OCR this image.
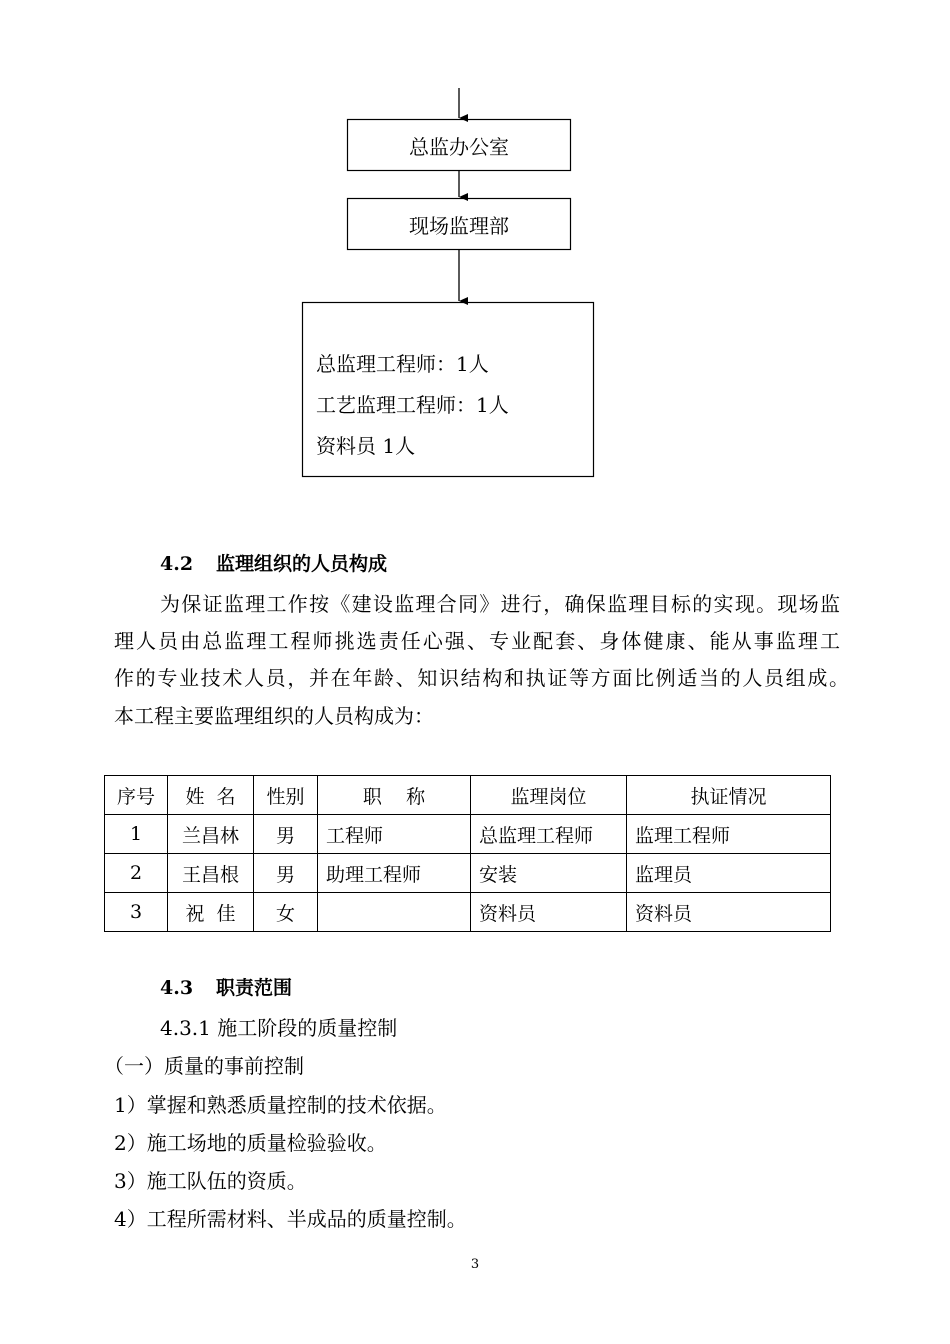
总监办公室
现场监理部
总监理工程师：1人
工艺监理工程师：1人
资料员 1人
4.2 监理组织的人员构成
为保证监理工作按《建设监理合同》进行，确保监理目标的实现。现场监
理人员由总监理工程师挑选责任心强、专业配套、身体健康、能从事监理工
作的专业技术人员，并在年龄、知识结构和执证等方面比例适当的人员组成。
本工程主要监理组织的人员构成为：
序号	姓  名	性别	职    称	监理岗位	执证情况
1	兰昌林	男	工程师	总监理工程师	监理工程师
2	王昌根	男	助理工程师	安装	监理员
3	祝  佳	女		资料员	资料员
4.3 职责范围
4.3.1 施工阶段的质量控制
（一）质量的事前控制
1）掌握和熟悉质量控制的技术依据。
2）施工场地的质量检验验收。
3）施工队伍的资质。
4）工程所需材料、半成品的质量控制。
3
